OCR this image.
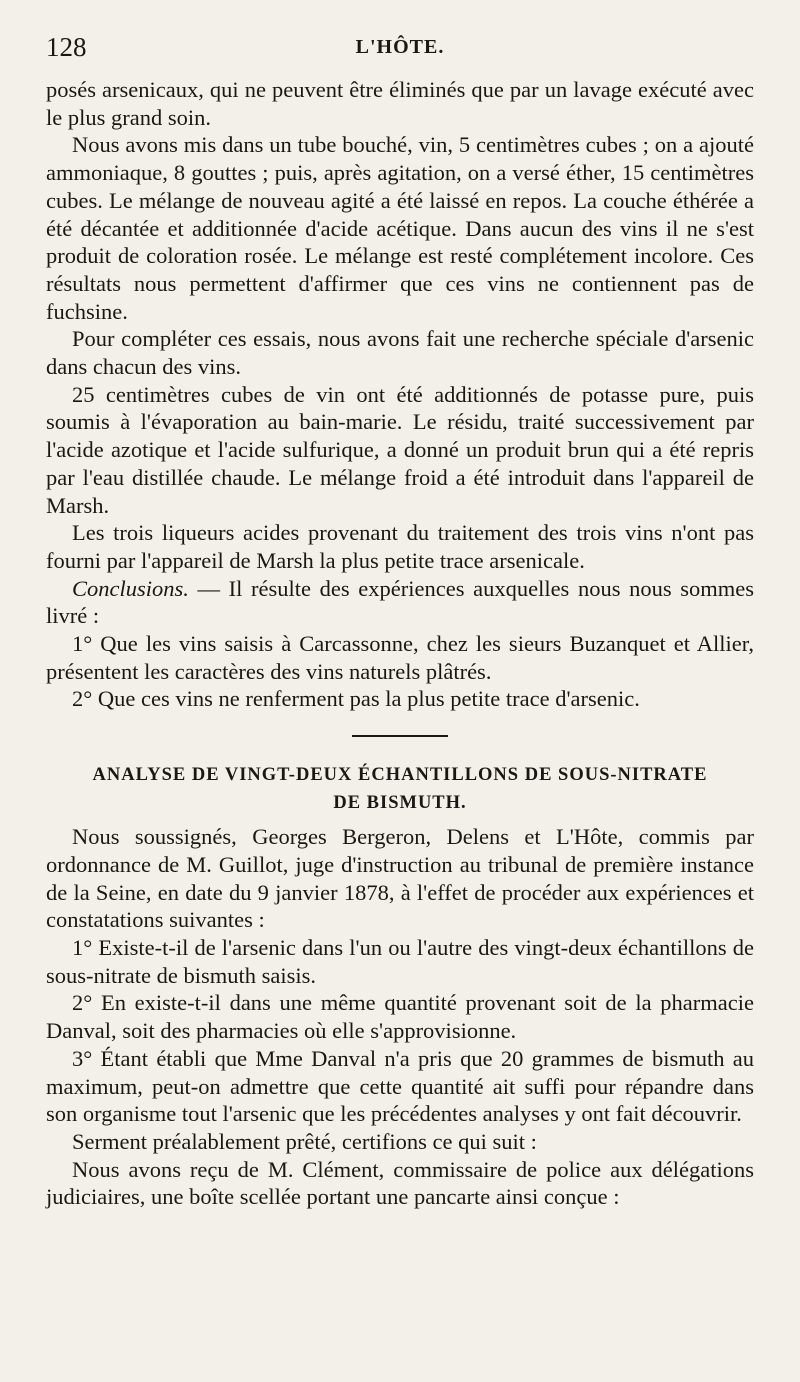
128	L'HÔTE.

posés arsenicaux, qui ne peuvent être éliminés que par un lavage exécuté avec le plus grand soin.

Nous avons mis dans un tube bouché, vin, 5 centimètres cubes ; on a ajouté ammoniaque, 8 gouttes ; puis, après agitation, on a versé éther, 15 centimètres cubes. Le mélange de nouveau agité a été laissé en repos. La couche éthérée a été décantée et additionnée d'acide acétique. Dans aucun des vins il ne s'est produit de coloration rosée. Le mélange est resté complétement incolore. Ces résultats nous permettent d'affirmer que ces vins ne contiennent pas de fuchsine.

Pour compléter ces essais, nous avons fait une recherche spéciale d'arsenic dans chacun des vins.

25 centimètres cubes de vin ont été additionnés de potasse pure, puis soumis à l'évaporation au bain-marie. Le résidu, traité successivement par l'acide azotique et l'acide sulfurique, a donné un produit brun qui a été repris par l'eau distillée chaude. Le mélange froid a été introduit dans l'appareil de Marsh.

Les trois liqueurs acides provenant du traitement des trois vins n'ont pas fourni par l'appareil de Marsh la plus petite trace arsenicale.

Conclusions. — Il résulte des expériences auxquelles nous nous sommes livré :

1° Que les vins saisis à Carcassonne, chez les sieurs Buzanquet et Allier, présentent les caractères des vins naturels plâtrés.

2° Que ces vins ne renferment pas la plus petite trace d'arsenic.

ANALYSE DE VINGT-DEUX ÉCHANTILLONS DE SOUS-NITRATE
DE BISMUTH.

Nous soussignés, Georges Bergeron, Delens et L'Hôte, commis par ordonnance de M. Guillot, juge d'instruction au tribunal de première instance de la Seine, en date du 9 janvier 1878, à l'effet de procéder aux expériences et constatations suivantes :

1° Existe-t-il de l'arsenic dans l'un ou l'autre des vingt-deux échantillons de sous-nitrate de bismuth saisis.

2° En existe-t-il dans une même quantité provenant soit de la pharmacie Danval, soit des pharmacies où elle s'approvisionne.

3° Étant établi que Mme Danval n'a pris que 20 grammes de bismuth au maximum, peut-on admettre que cette quantité ait suffi pour répandre dans son organisme tout l'arsenic que les précédentes analyses y ont fait découvrir.

Serment préalablement prêté, certifions ce qui suit :

Nous avons reçu de M. Clément, commissaire de police aux délégations judiciaires, une boîte scellée portant une pancarte ainsi conçue :
